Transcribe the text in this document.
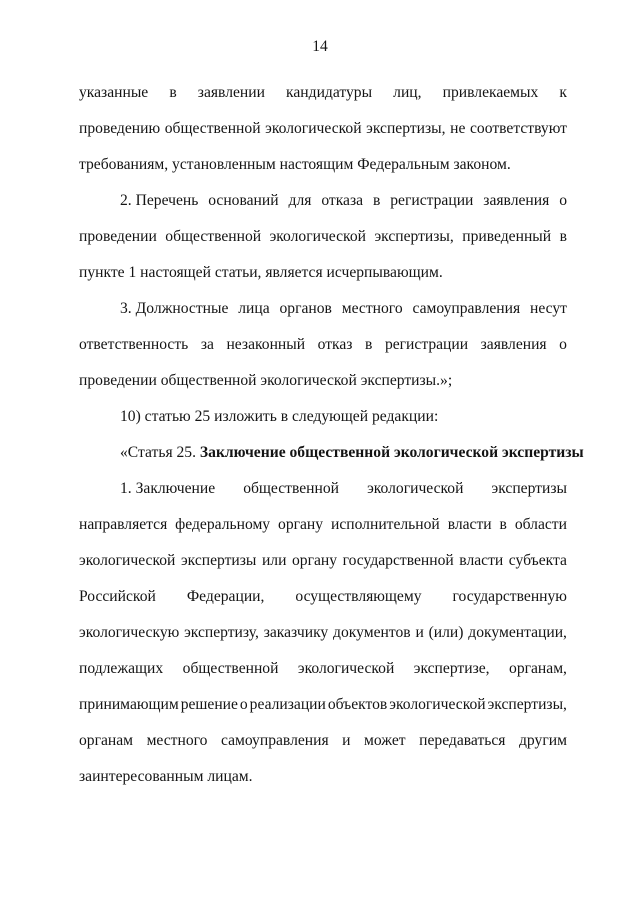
14
указанные в заявлении кандидатуры лиц, привлекаемых к
проведению общественной экологической экспертизы, не соответствуют
требованиям, установленным настоящим Федеральным законом.
2. Перечень оснований для отказа в регистрации заявления о
проведении общественной экологической экспертизы, приведенный в
пункте 1 настоящей статьи, является исчерпывающим.
3. Должностные лица органов местного самоуправления несут
ответственность за незаконный отказ в регистрации заявления о
проведении общественной экологической экспертизы.»;
10) статью 25 изложить в следующей редакции:
«Статья 25. Заключение общественной экологической экспертизы
1. Заключение общественной экологической экспертизы
направляется федеральному органу исполнительной власти в области
экологической экспертизы или органу государственной власти субъекта
Российской Федерации, осуществляющему государственную
экологическую экспертизу, заказчику документов и (или) документации,
подлежащих общественной экологической экспертизе, органам,
принимающим решение о реализации объектов экологической экспертизы,
органам местного самоуправления и может передаваться другим
заинтересованным лицам.
